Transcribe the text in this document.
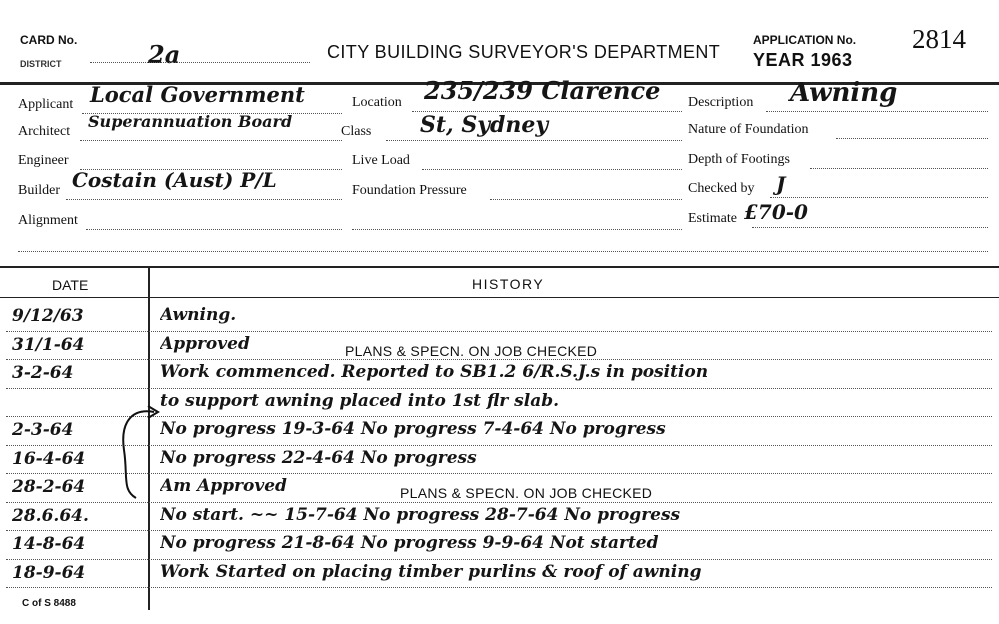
CARD No.	2a
DISTRICT
CITY BUILDING SURVEYOR'S DEPARTMENT
APPLICATION No. 2814
YEAR 1963
Applicant Local Government
Architect
Superannuation Board
Engineer
Builder Costain (Aust) P/L
Alignment
Location 235/239 Clarence
Class St, Sydney
Live Load
Foundation Pressure
Description Awning
Nature of Foundation
Depth of Footings
Checked by J
Estimate £70-0
DATE	HISTORY
9/12/63	Awning.
31/1-64	Approved	PLANS & SPECN. ON JOB CHECKED
3-2-64	Work commenced. Reported to SB1.2 6/R.S.J.s in position
to support awning placed into 1st flr slab.
2-3-64	No progress 19-3-64 No progress 7-4-64 No progress
16-4-64	No progress 22-4-64 No progress
28-2-64	Am Approved	PLANS & SPECN. ON JOB CHECKED
28.6.64.	No start. ~~ 15-7-64 No progress 28-7-64 No progress
14-8-64	No progress 21-8-64 No progress 9-9-64 Not started
18-9-64	Work Started on placing timber purlins & roof of awning
C of S 8488
